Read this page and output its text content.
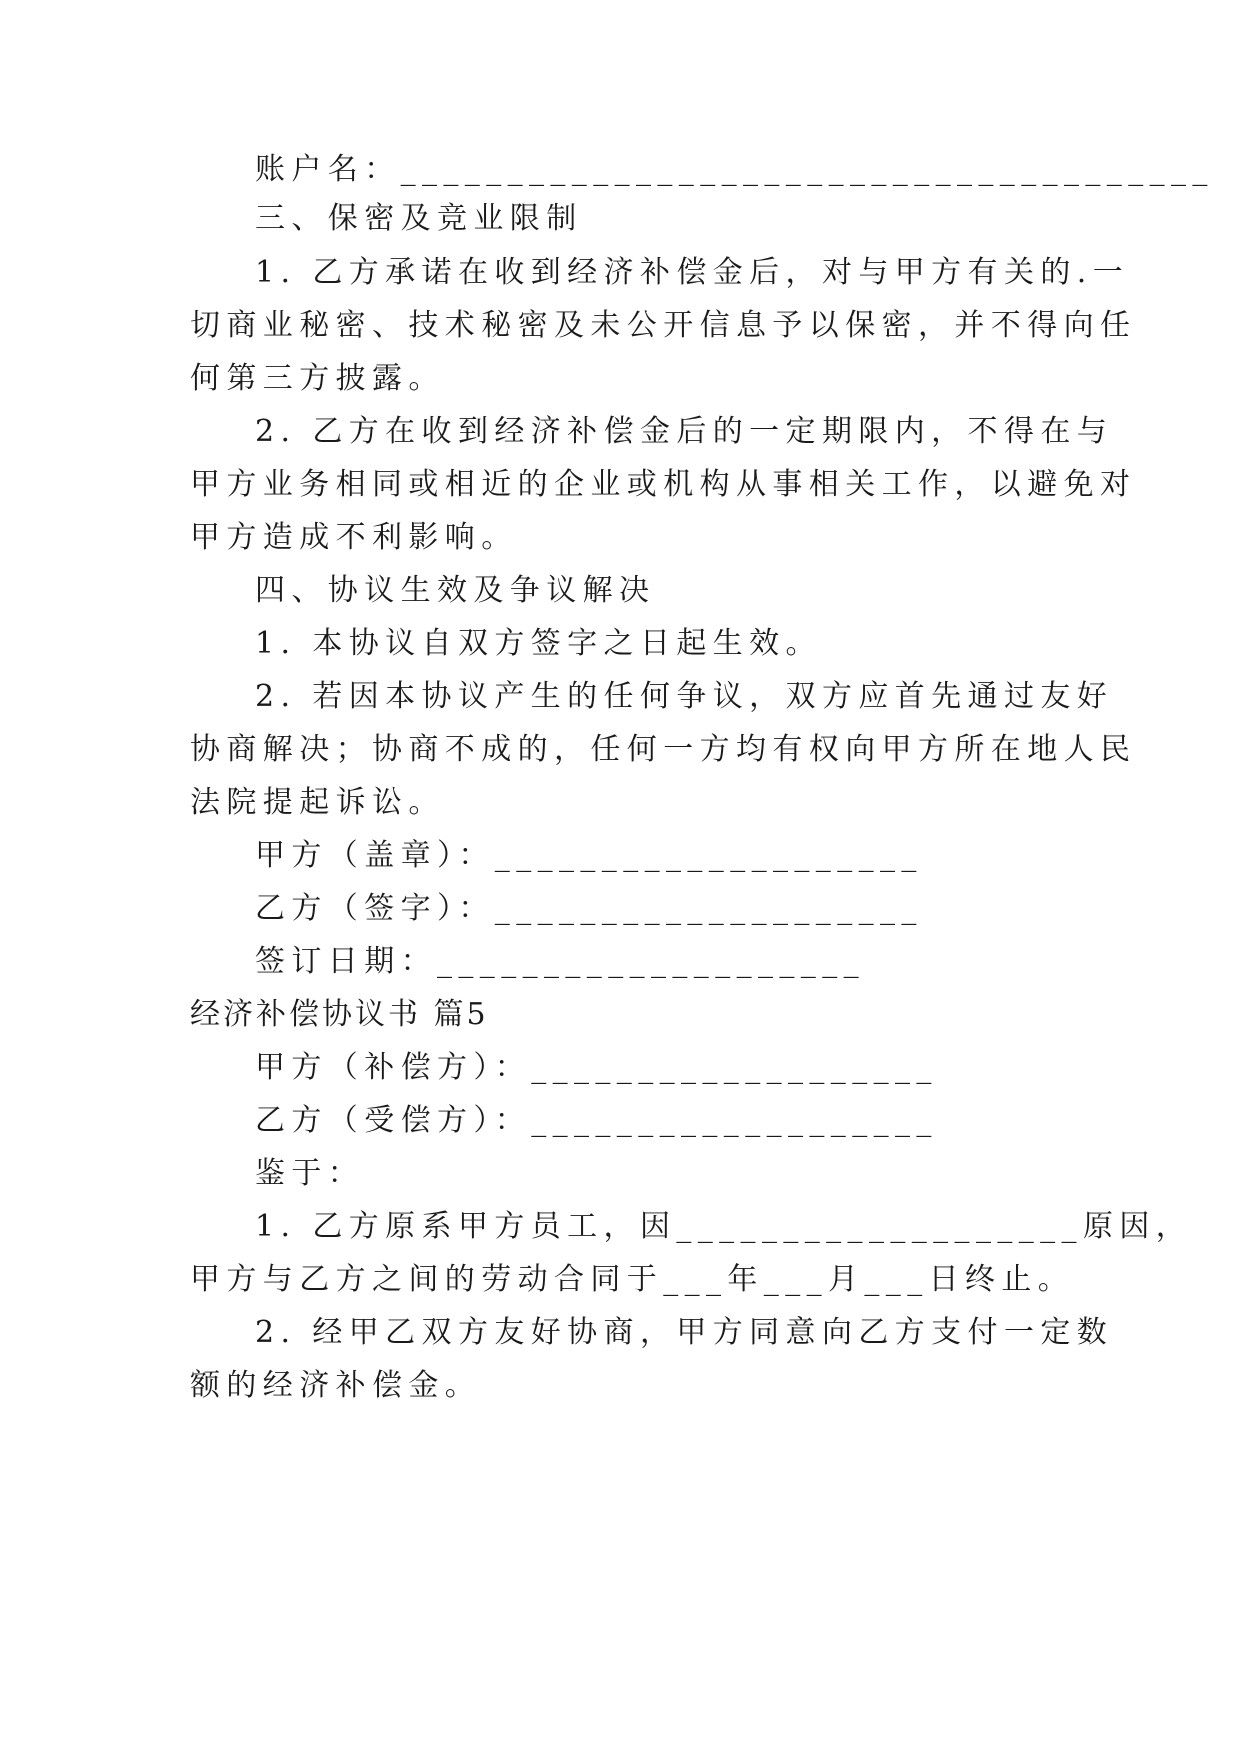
账户名：______________________________________
三、保密及竞业限制
1. 乙方承诺在收到经济补偿金后，对与甲方有关的.一
切商业秘密、技术秘密及未公开信息予以保密，并不得向任
何第三方披露。
2. 乙方在收到经济补偿金后的一定期限内，不得在与
甲方业务相同或相近的企业或机构从事相关工作，以避免对
甲方造成不利影响。
四、协议生效及争议解决
1. 本协议自双方签字之日起生效。
2. 若因本协议产生的任何争议，双方应首先通过友好
协商解决；协商不成的，任何一方均有权向甲方所在地人民
法院提起诉讼。
甲方（盖章）：____________________
乙方（签字）：____________________
签订日期：____________________
经济补偿协议书 篇5
甲方（补偿方）：___________________
乙方（受偿方）：___________________
鉴于：
1. 乙方原系甲方员工，因___________________原因，
甲方与乙方之间的劳动合同于___年___月___日终止。
2. 经甲乙双方友好协商，甲方同意向乙方支付一定数
额的经济补偿金。
